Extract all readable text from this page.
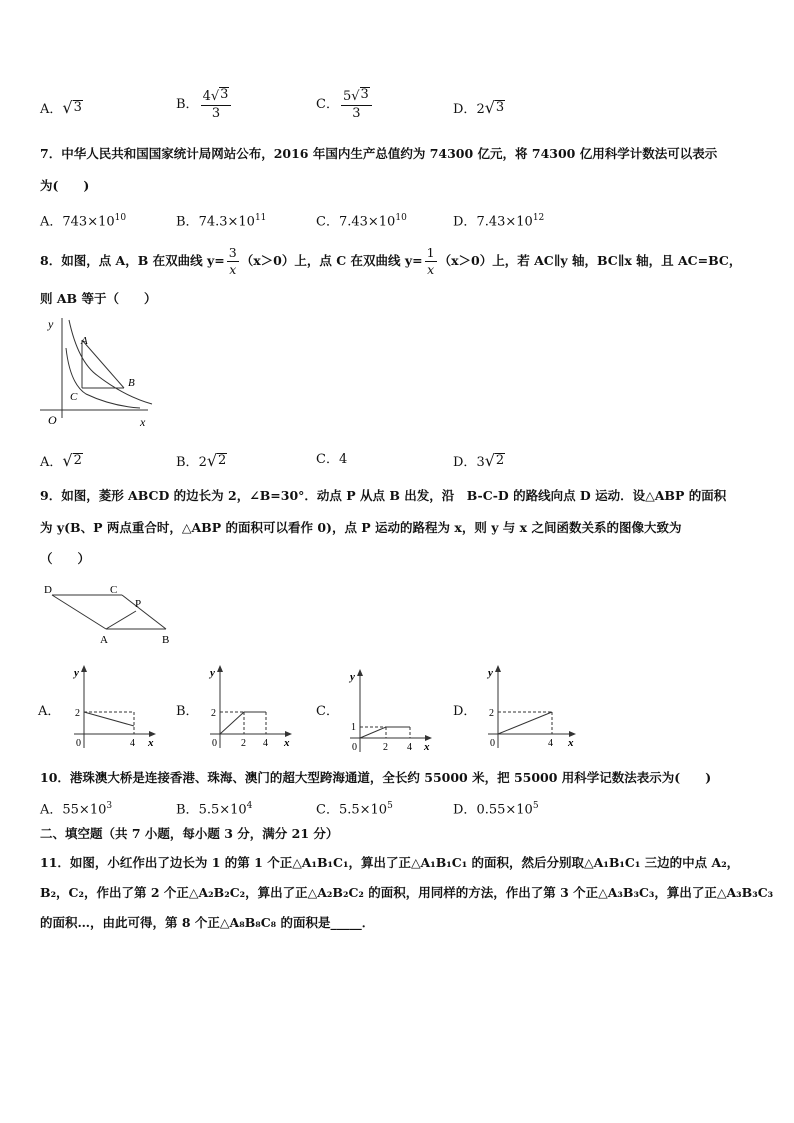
A． √ 3	B． $\frac{4 √ 3}{3}$	C． $\frac{5 √ 3}{3}$	D．2 √ 3
7．中华人民共和国国家统计局网站公布，2016 年国内生产总值约为 74300 亿元，将 74300 亿用科学计数法可以表示
为(　　)
A．$743\times 10^{10}$	B．$74.3\times 10^{11}$	C．$7.43\times 10^{10}$	D．$7.43\times 10^{12}$
8．如图，点 A，B 在双曲线 $y= \frac{3}{x} (x>0)$上，点 C 在双曲线 $y= \frac{1}{x} (x>0)$上，若 AC∥y 轴，BC∥x 轴，且 AC=BC，
则 AB 等于（　　）
y
x
O
A
B
C
A． √ 2	B．2 √ 2	C．4	D．3 √ 2
9．如图，菱形 ABCD 的边长为 2，∠B=30°．动点 P 从点 B 出发，沿　B-C-D 的路线向点 D 运动．设△ABP 的面积
为 y(B、P 两点重合时，△ABP 的面积可以看作 0)，点 P 运动的路程为 x，则 y 与 x 之间函数关系的图像大致为
（　　）
D	C
P
A	B
A．
y
x
2
0	4
B．
y
x
2
0 2 4
C．
y
x
1
0	2 4
D．
y
x
2
0	4
10．港珠澳大桥是连接香港、珠海、澳门的超大型跨海通道，全长约 55000 米，把 55000 用科学记数法表示为(　　)
A．$55\times 10^3$	B．$5.5\times 10^4$	C．$5.5\times 10^5$	D．$0.55\times 10^5$
二、填空题（共 7 小题，每小题 3 分，满分 21 分）
11．如图，小红作出了边长为 1 的第 1 个正△A₁B₁C₁，算出了正△A₁B₁C₁ 的面积，然后分别取△A₁B₁C₁ 三边的中点 A₂，
B₂，C₂，作出了第 2 个正△A₂B₂C₂，算出了正△A₂B₂C₂ 的面积，用同样的方法，作出了第 3 个正△A₃B₃C₃，算出了正△A₃B₃C₃
的面积…，由此可得，第 8 个正△A₈B₈C₈ 的面积是_____．
